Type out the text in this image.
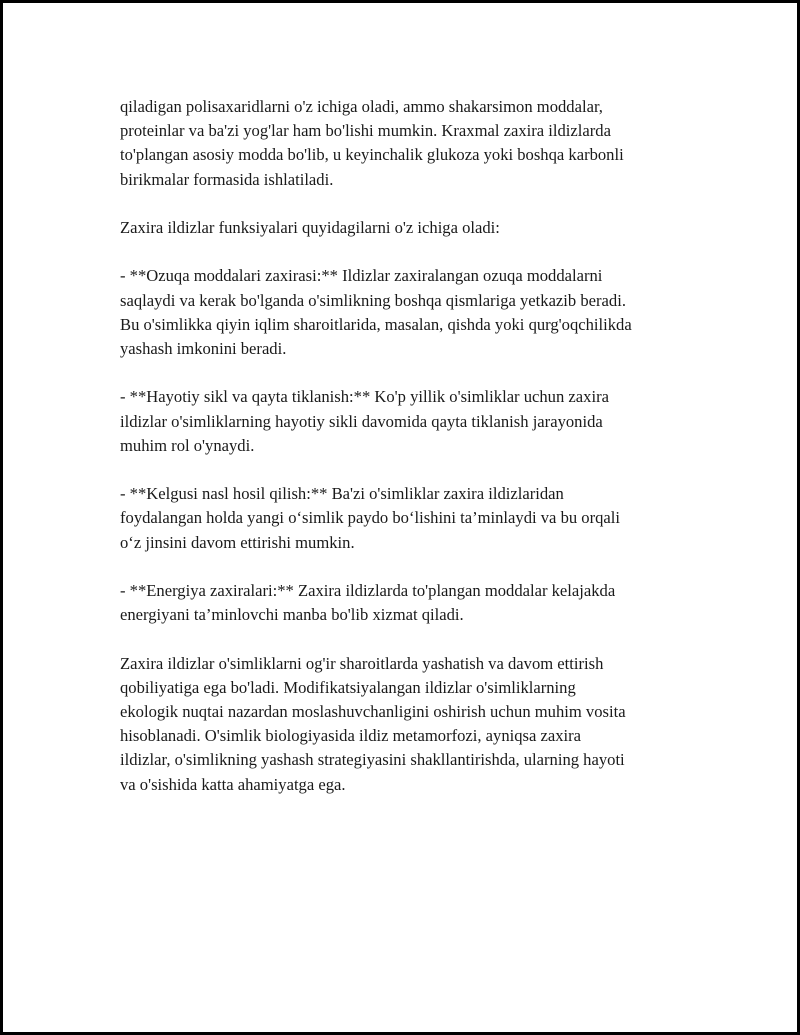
qiladigan polisaxaridlarni o'z ichiga oladi, ammo shakarsimon moddalar,
proteinlar va ba'zi yog'lar ham bo'lishi mumkin. Kraxmal zaxira ildizlarda
to'plangan asosiy modda bo'lib, u keyinchalik glukoza yoki boshqa karbonli
birikmalar formasida ishlatiladi.

Zaxira ildizlar funksiyalari quyidagilarni o'z ichiga oladi:

- **Ozuqa moddalari zaxirasi:** Ildizlar zaxiralangan ozuqa moddalarni
saqlaydi va kerak bo'lganda o'simlikning boshqa qismlariga yetkazib beradi.
Bu o'simlikka qiyin iqlim sharoitlarida, masalan, qishda yoki qurg'oqchilikda
yashash imkonini beradi.

- **Hayotiy sikl va qayta tiklanish:** Ko'p yillik o'simliklar uchun zaxira
ildizlar o'simliklarning hayotiy sikli davomida qayta tiklanish jarayonida
muhim rol o'ynaydi.

- **Kelgusi nasl hosil qilish:** Ba'zi o'simliklar zaxira ildizlaridan
foydalangan holda yangi o‘simlik paydo bo‘lishini ta’minlaydi va bu orqali
o‘z jinsini davom ettirishi mumkin.

- **Energiya zaxiralari:** Zaxira ildizlarda to'plangan moddalar kelajakda
energiyani ta’minlovchi manba bo'lib xizmat qiladi.

Zaxira ildizlar o'simliklarni og'ir sharoitlarda yashatish va davom ettirish
qobiliyatiga ega bo'ladi. Modifikatsiyalangan ildizlar o'simliklarning
ekologik nuqtai nazardan moslashuvchanligini oshirish uchun muhim vosita
hisoblanadi. O'simlik biologiyasida ildiz metamorfozi, ayniqsa zaxira
ildizlar, o'simlikning yashash strategiyasini shakllantirishda, ularning hayoti
va o'sishida katta ahamiyatga ega.
